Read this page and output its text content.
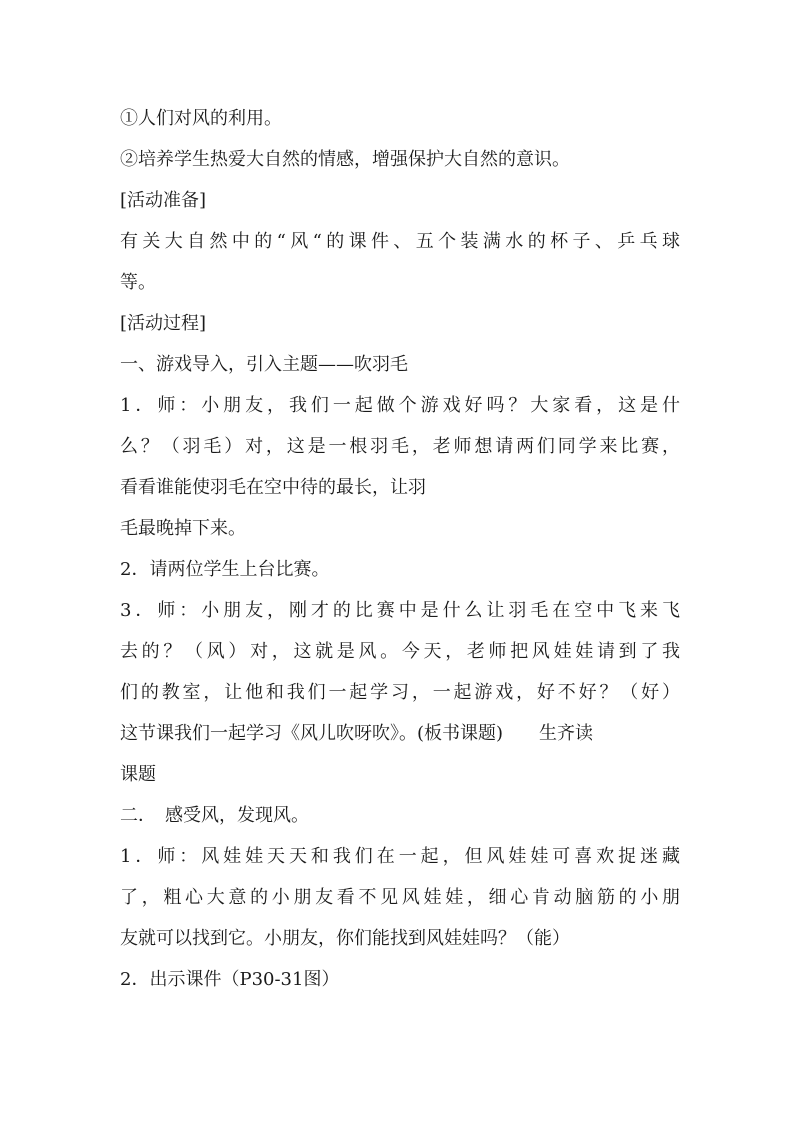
①人们对风的利用。
②培养学生热爱大自然的情感，增强保护大自然的意识。
[活动准备]
有关大自然中的“风“的课件、五个装满水的杯子、乒乓球
等。
[活动过程]
一、游戏导入，引入主题——吹羽毛
1．师：小朋友，我们一起做个游戏好吗？大家看，这是什
么？（羽毛）对，这是一根羽毛，老师想请两们同学来比赛，
看看谁能使羽毛在空中待的最长，让羽
毛最晚掉下来。
2．请两位学生上台比赛。
3．师：小朋友，刚才的比赛中是什么让羽毛在空中飞来飞
去的？（风）对，这就是风。今天，老师把风娃娃请到了我
们的教室，让他和我们一起学习，一起游戏，好不好？（好）
这节课我们一起学习《风儿吹呀吹》。(板书课题)　　生齐读
课题
二．　感受风，发现风。
1．师：风娃娃天天和我们在一起，但风娃娃可喜欢捉迷藏
了，粗心大意的小朋友看不见风娃娃，细心肯动脑筋的小朋
友就可以找到它。小朋友，你们能找到风娃娃吗？（能）
2．出示课件（P30-31图）
